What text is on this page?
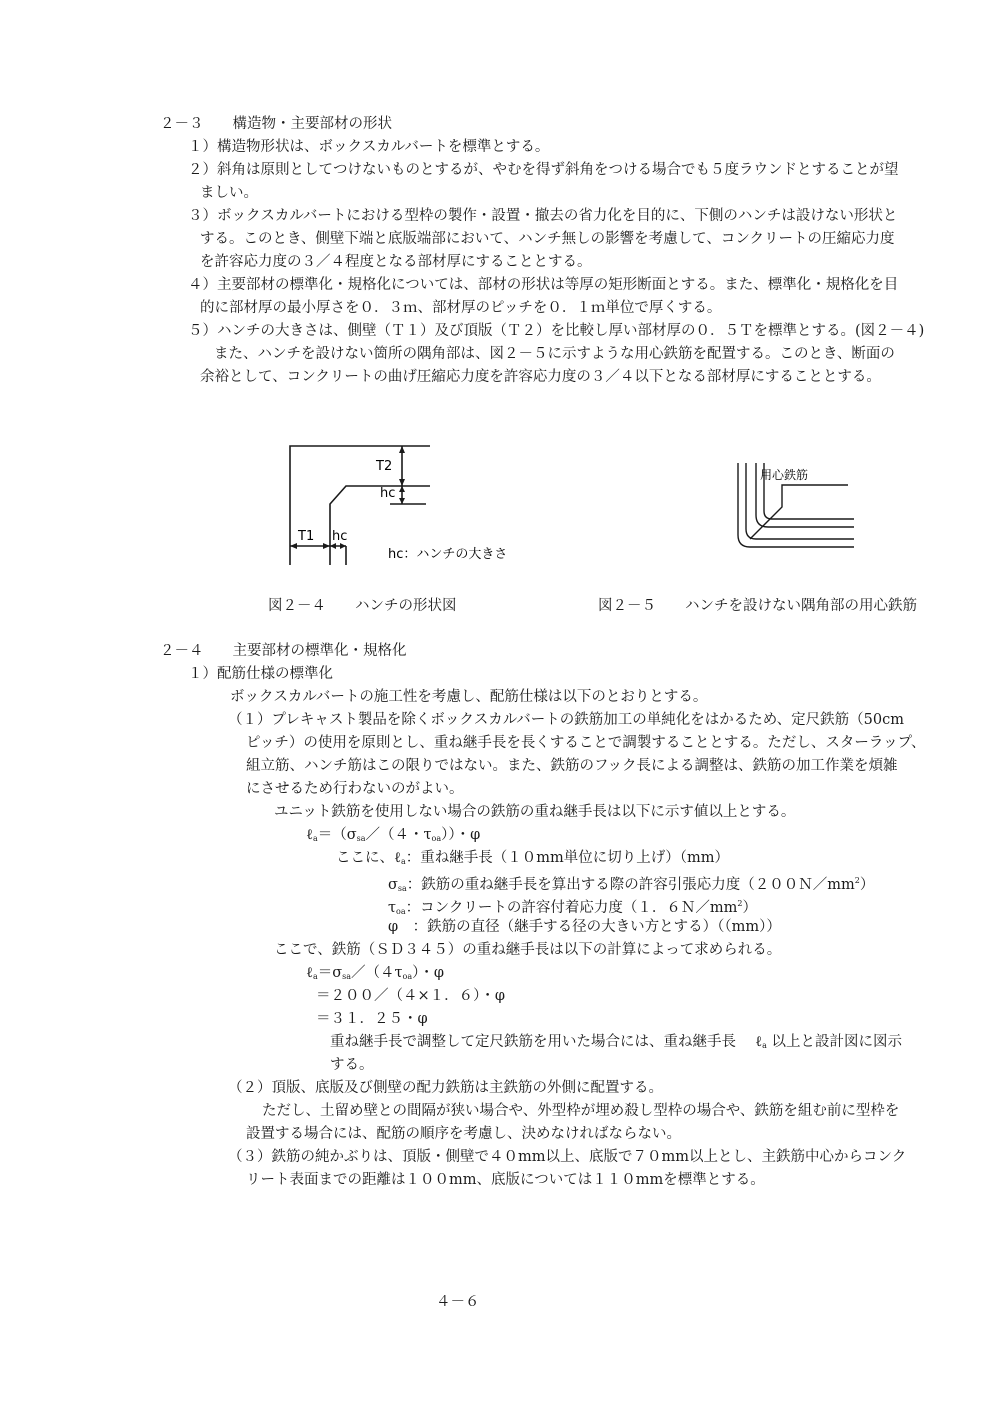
２－３　　構造物・主要部材の形状
１）構造物形状は、ボックスカルバートを標準とする。
２）斜角は原則としてつけないものとするが、やむを得ず斜角をつける場合でも５度ラウンドとすることが望
ましい。
３）ボックスカルバートにおける型枠の製作・設置・撤去の省力化を目的に、下側のハンチは設けない形状と
する。このとき、側壁下端と底版端部において、ハンチ無しの影響を考慮して、コンクリートの圧縮応力度
を許容応力度の３／４程度となる部材厚にすることとする。
４）主要部材の標準化・規格化については、部材の形状は等厚の矩形断面とする。また、標準化・規格化を目
的に部材厚の最小厚さを０．３ｍ、部材厚のピッチを０．１ｍ単位で厚くする。
５）ハンチの大きさは、側壁（Ｔ１）及び頂版（Ｔ２）を比較し厚い部材厚の０．５Ｔを標準とする。(図２－４)
また、ハンチを設けない箇所の隅角部は、図２－５に示すような用心鉄筋を配置する。このとき、断面の
余裕として、コンクリートの曲げ圧縮応力度を許容応力度の３／４以下となる部材厚にすることとする。
T2
hc
T1 hc
hc：ハンチの大きさ
用心鉄筋
図２－４　　ハンチの形状図	図２－５　　ハンチを設けない隅角部の用心鉄筋
２－４　　主要部材の標準化・規格化
１）配筋仕様の標準化
ボックスカルバートの施工性を考慮し、配筋仕様は以下のとおりとする。
（１）プレキャスト製品を除くボックスカルバートの鉄筋加工の単純化をはかるため、定尺鉄筋（50cm
ピッチ）の使用を原則とし、重ね継手長を長くすることで調製することとする。ただし、スターラップ、
組立筋、ハンチ筋はこの限りではない。また、鉄筋のフック長による調整は、鉄筋の加工作業を煩雑
にさせるため行わないのがよい。
ユニット鉄筋を使用しない場合の鉄筋の重ね継手長は以下に示す値以上とする。
$\ell_a=(\sigma_{sa}/(4$・$\tau_{oa}$））・φ
ここに、ℓ$_a$：重ね継手長（１０mm単位に切り上げ）（mm）
$\sigma_{sa}$：鉄筋の重ね継手長を算出する際の許容引張応力度$(200N/mm^2)$
$\tau_{oa}$：コンクリートの許容付着応力度（１．$6N/mm^2$）
φ　：鉄筋の直径（継手する径の大きい方とする）（（mm））
ここで、鉄筋（ＳＤ３４５）の重ね継手長は以下の計算によって求められる。
$\ell_a=\sigma_{sa}/(4\tau_{oa})$・φ
＝２００／（４×１．６）・φ
＝３１．２５・φ
重ね継手長で調整して定尺鉄筋を用いた場合には、重ね継手長　 ℓ$_a$ 以上と設計図に図示
する。
（２）頂版、底版及び側壁の配力鉄筋は主鉄筋の外側に配置する。
ただし、土留め壁との間隔が狭い場合や、外型枠が埋め殺し型枠の場合や、鉄筋を組む前に型枠を
設置する場合には、配筋の順序を考慮し、決めなければならない。
（３）鉄筋の純かぶりは、頂版・側壁で４０mm以上、底版で７０mm以上とし、主鉄筋中心からコンク
リート表面までの距離は１００mm、底版については１１０mmを標準とする。
４－６
